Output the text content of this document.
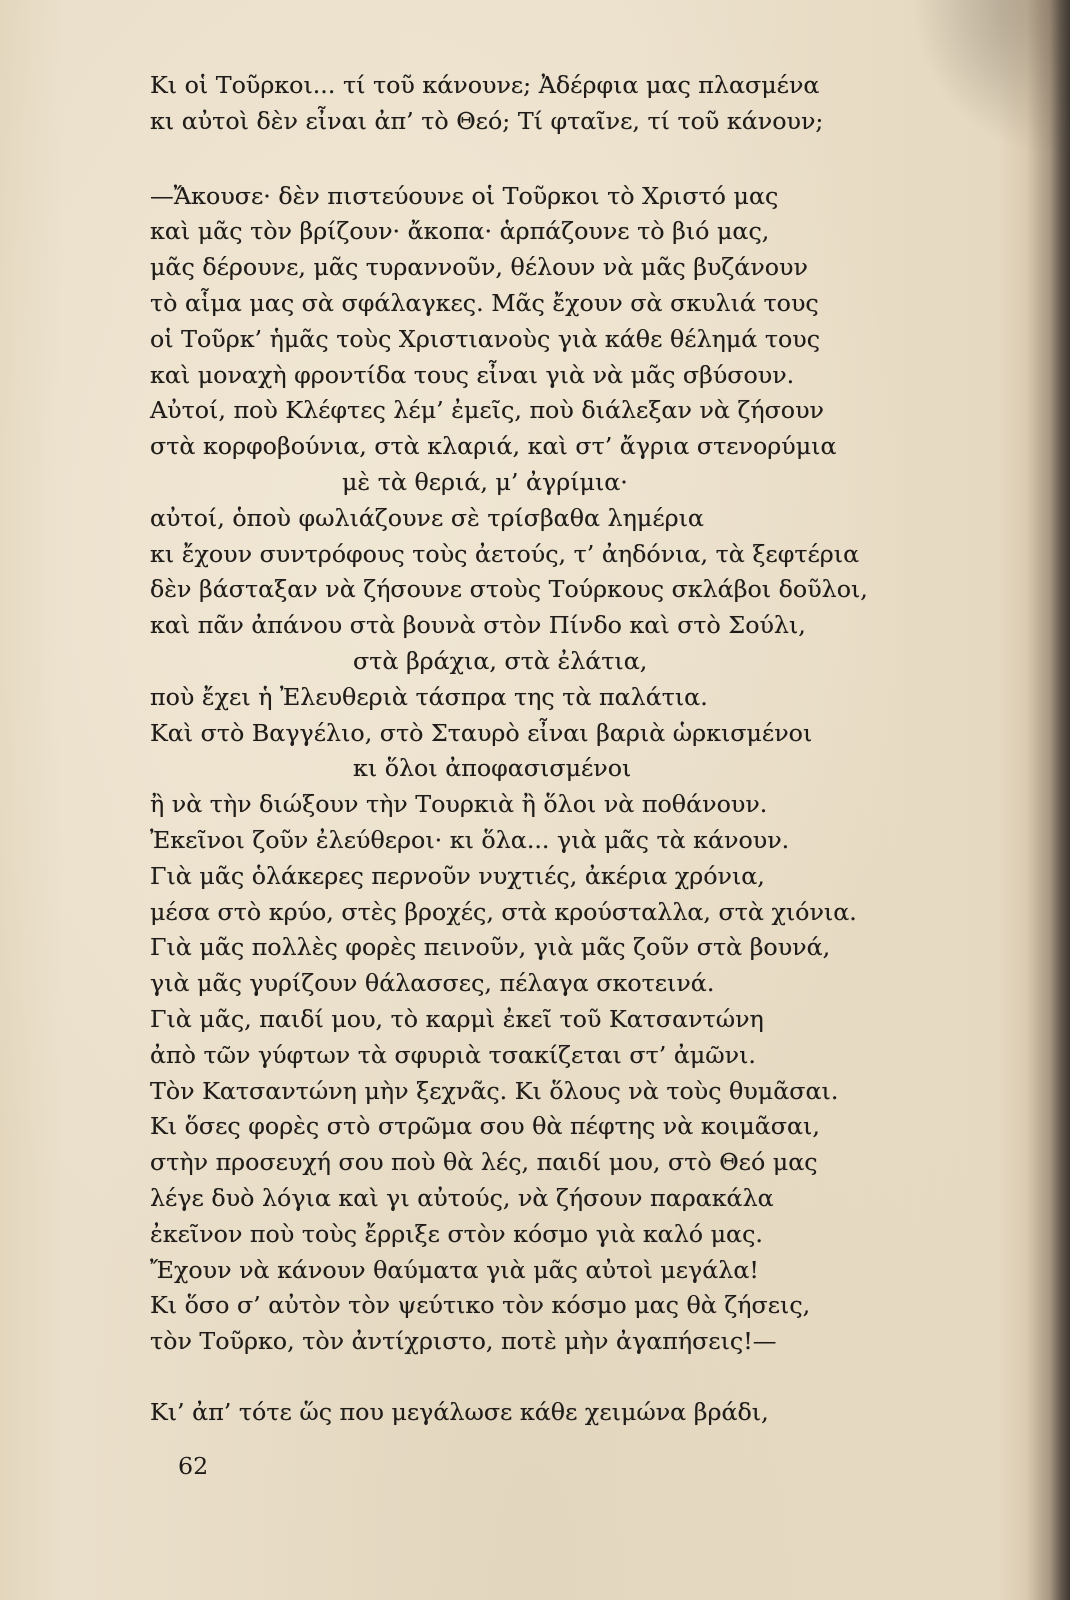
Κι οἱ Τοῦρκοι... τί τοῦ κάνουνε; Ἀδέρφια μας πλασμένα
κι αὐτοὶ δὲν εἶναι ἀπ’ τὸ Θεό; Τί φταῖνε, τί τοῦ κάνουν;
—Ἄκουσε· δὲν πιστεύουνε οἱ Τοῦρκοι τὸ Χριστό μας
καὶ μᾶς τὸν βρίζουν· ἄκοπα· ἁρπάζουνε τὸ βιό μας,
μᾶς δέρουνε, μᾶς τυραννοῦν, θέλουν νὰ μᾶς βυζάνουν
τὸ αἷμα μας σὰ σφάλαγκες. Μᾶς ἔχουν σὰ σκυλιά τους
οἱ Τοῦρκ’ ἡμᾶς τοὺς Χριστιανοὺς γιὰ κάθε θέλημά τους
καὶ μοναχὴ φροντίδα τους εἶναι γιὰ νὰ μᾶς σβύσουν.
Αὐτοί, ποὺ Κλέφτες λέμ’ ἐμεῖς, ποὺ διάλεξαν νὰ ζήσουν
στὰ κορφοβούνια, στὰ κλαριά, καὶ στ’ ἄγρια στενορύμια
μὲ τὰ θεριά, μ’ ἀγρίμια·
αὐτοί, ὁποὺ φωλιάζουνε σὲ τρίσβαθα λημέρια
κι ἔχουν συντρόφους τοὺς ἀετούς, τ’ ἀηδόνια, τὰ ξεφτέρια
δὲν βάσταξαν νὰ ζήσουνε στοὺς Τούρκους σκλάβοι δοῦλοι,
καὶ πᾶν ἀπάνου στὰ βουνὰ στὸν Πίνδο καὶ στὸ Σούλι,
στὰ βράχια, στὰ ἐλάτια,
ποὺ ἔχει ἡ Ἐλευθεριὰ τάσπρα της τὰ παλάτια.
Καὶ στὸ Βαγγέλιο, στὸ Σταυρὸ εἶναι βαριὰ ὡρκισμένοι
κι ὅλοι ἀποφασισμένοι
ἢ νὰ τὴν διώξουν τὴν Τουρκιὰ ἢ ὅλοι νὰ ποθάνουν.
Ἐκεῖνοι ζοῦν ἐλεύθεροι· κι ὅλα... γιὰ μᾶς τὰ κάνουν.
Γιὰ μᾶς ὁλάκερες περνοῦν νυχτιές, ἀκέρια χρόνια,
μέσα στὸ κρύο, στὲς βροχές, στὰ κρούσταλλα, στὰ χιόνια.
Γιὰ μᾶς πολλὲς φορὲς πεινοῦν, γιὰ μᾶς ζοῦν στὰ βουνά,
γιὰ μᾶς γυρίζουν θάλασσες, πέλαγα σκοτεινά.
Γιὰ μᾶς, παιδί μου, τὸ καρμὶ ἐκεῖ τοῦ Κατσαντώνη
ἀπὸ τῶν γύφτων τὰ σφυριὰ τσακίζεται στ’ ἀμῶνι.
Τὸν Κατσαντώνη μὴν ξεχνᾶς. Κι ὅλους νὰ τοὺς θυμᾶσαι.
Κι ὅσες φορὲς στὸ στρῶμα σου θὰ πέφτης νὰ κοιμᾶσαι,
στὴν προσευχή σου ποὺ θὰ λές, παιδί μου, στὸ Θεό μας
λέγε δυὸ λόγια καὶ γι αὐτούς, νὰ ζήσουν παρακάλα
ἐκεῖνον ποὺ τοὺς ἔρριξε στὸν κόσμο γιὰ καλό μας.
Ἔχουν νὰ κάνουν θαύματα γιὰ μᾶς αὐτοὶ μεγάλα!
Κι ὅσο σ’ αὐτὸν τὸν ψεύτικο τὸν κόσμο μας θὰ ζήσεις,
τὸν Τοῦρκο, τὸν ἀντίχριστο, ποτὲ μὴν ἀγαπήσεις!—
Κι’ ἀπ’ τότε ὥς που μεγάλωσε κάθε χειμώνα βράδι,
62
